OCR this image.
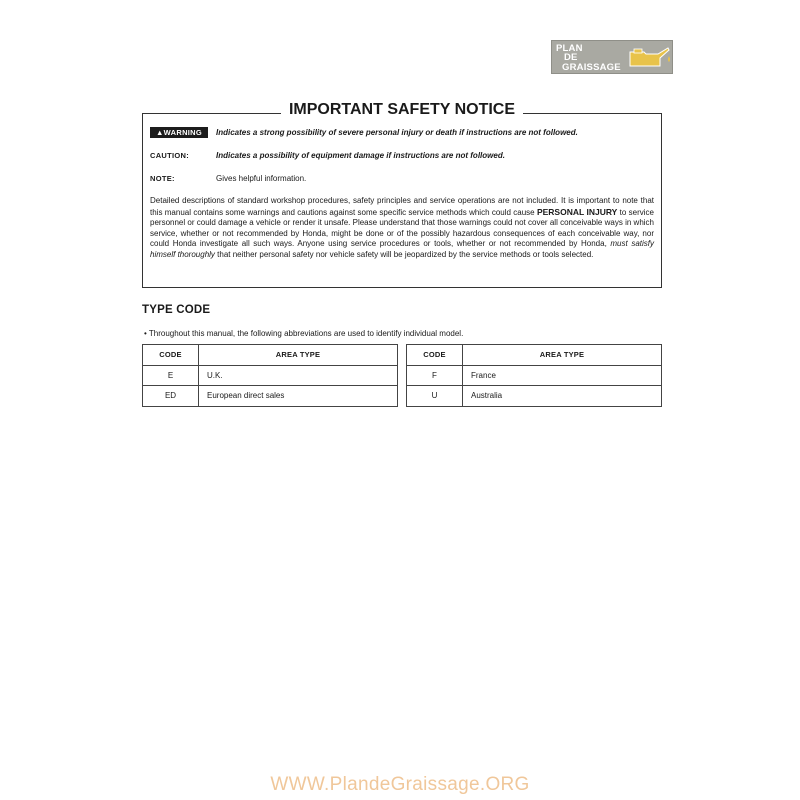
PLAN
DE
GRAISSAGE
IMPORTANT SAFETY NOTICE
▲WARNING	Indicates a strong possibility of severe personal injury or death if instructions are not followed.
CAUTION:	Indicates a possibility of equipment damage if instructions are not followed.
NOTE:	Gives helpful information.
Detailed descriptions of standard workshop procedures, safety principles and service operations are not included. It is important to note that this manual contains some warnings and cautions against some specific service methods which could cause PERSONAL INJURY to service personnel or could damage a vehicle or render it unsafe. Please understand that those warnings could not cover all conceivable ways in which service, whether or not recommended by Honda, might be done or of the possibly hazardous consequences of each conceivable way, nor could Honda investigate all such ways. Anyone using service procedures or tools, whether or not recommended by Honda, must satisfy himself thoroughly that neither personal safety nor vehicle safety will be jeopardized by the service methods or tools selected.
TYPE CODE
• Throughout this manual, the following abbreviations are used to identify individual model.
CODE	AREA TYPE
E	U.K.
ED	European direct sales
CODE	AREA TYPE
F	France
U	Australia
WWW.PlandeGraissage.ORG
